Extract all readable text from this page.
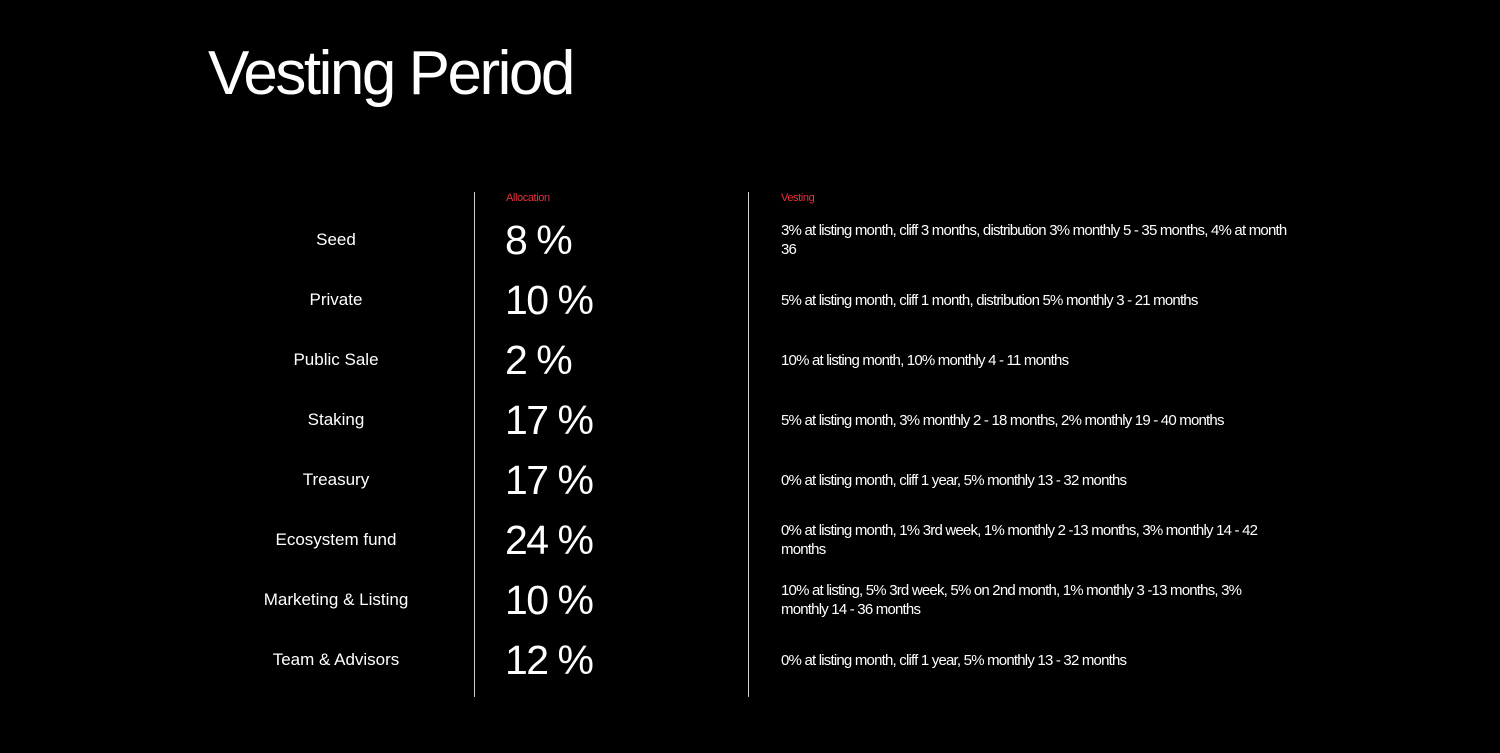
Vesting Period
Allocation	Vesting
Seed	8 %	3% at listing month, cliff 3 months, distribution 3% monthly 5 - 35 months, 4% at month 36
Private	10 %	5% at listing month, cliff 1 month, distribution 5% monthly 3 - 21 months
Public Sale	2 %	10% at listing month, 10% monthly 4 - 11 months
Staking	17 %	5% at listing month, 3% monthly 2 - 18 months, 2% monthly 19 - 40 months
Treasury	17 %	0% at listing month, cliff 1 year, 5% monthly 13 - 32 months
Ecosystem fund	24 %	0% at listing month, 1% 3rd week, 1% monthly 2 -13 months, 3% monthly 14 - 42 months
Marketing & Listing	10 %	10% at listing, 5% 3rd week, 5% on 2nd month, 1% monthly 3 -13 months, 3% monthly 14 - 36 months
Team & Advisors	12 %	0% at listing month, cliff 1 year, 5% monthly 13 - 32 months
